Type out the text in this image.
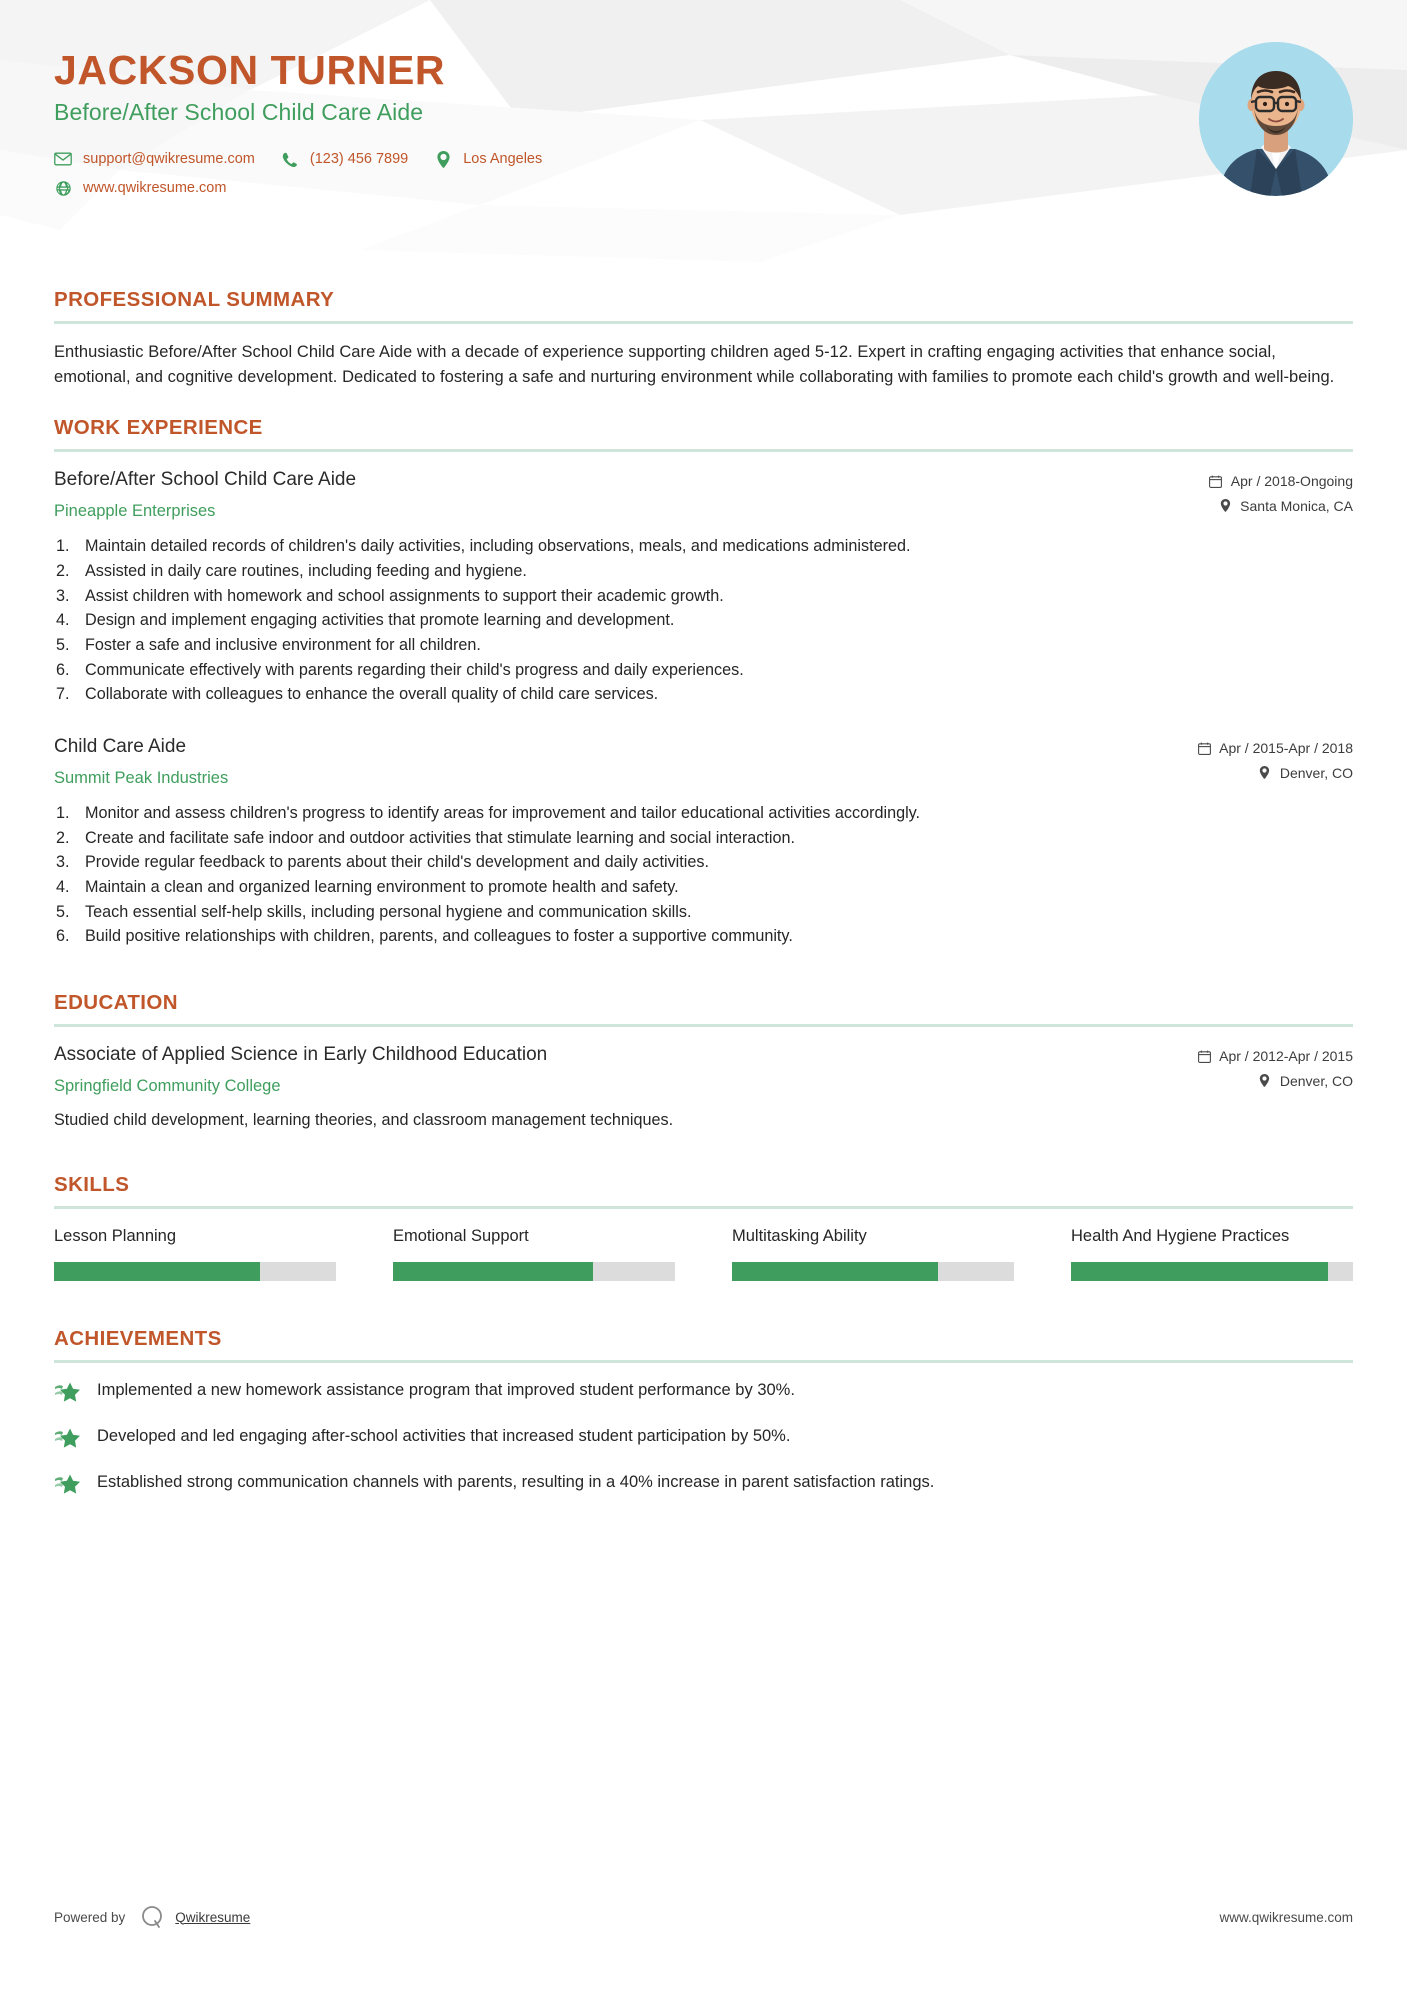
JACKSON TURNER
Before/After School Child Care Aide
support@qwikresume.com	(123) 456 7899	Los Angeles
www.qwikresume.com
PROFESSIONAL SUMMARY
Enthusiastic Before/After School Child Care Aide with a decade of experience supporting children aged 5-12. Expert in crafting engaging activities that enhance social, emotional, and cognitive development. Dedicated to fostering a safe and nurturing environment while collaborating with families to promote each child's growth and well-being.
WORK EXPERIENCE
Before/After School Child Care Aide
Pineapple Enterprises
Apr / 2018-Ongoing
Santa Monica, CA
Maintain detailed records of children's daily activities, including observations, meals, and medications administered.
Assisted in daily care routines, including feeding and hygiene.
Assist children with homework and school assignments to support their academic growth.
Design and implement engaging activities that promote learning and development.
Foster a safe and inclusive environment for all children.
Communicate effectively with parents regarding their child's progress and daily experiences.
Collaborate with colleagues to enhance the overall quality of child care services.
Child Care Aide
Summit Peak Industries
Apr / 2015-Apr / 2018
Denver, CO
Monitor and assess children's progress to identify areas for improvement and tailor educational activities accordingly.
Create and facilitate safe indoor and outdoor activities that stimulate learning and social interaction.
Provide regular feedback to parents about their child's development and daily activities.
Maintain a clean and organized learning environment to promote health and safety.
Teach essential self-help skills, including personal hygiene and communication skills.
Build positive relationships with children, parents, and colleagues to foster a supportive community.
EDUCATION
Associate of Applied Science in Early Childhood Education
Springfield Community College
Apr / 2012-Apr / 2015
Denver, CO
Studied child development, learning theories, and classroom management techniques.
SKILLS
Lesson Planning	Emotional Support	Multitasking Ability	Health And Hygiene Practices
ACHIEVEMENTS
Implemented a new homework assistance program that improved student performance by 30%.
Developed and led engaging after-school activities that increased student participation by 50%.
Established strong communication channels with parents, resulting in a 40% increase in parent satisfaction ratings.
Powered by	Qwikresume	www.qwikresume.com
